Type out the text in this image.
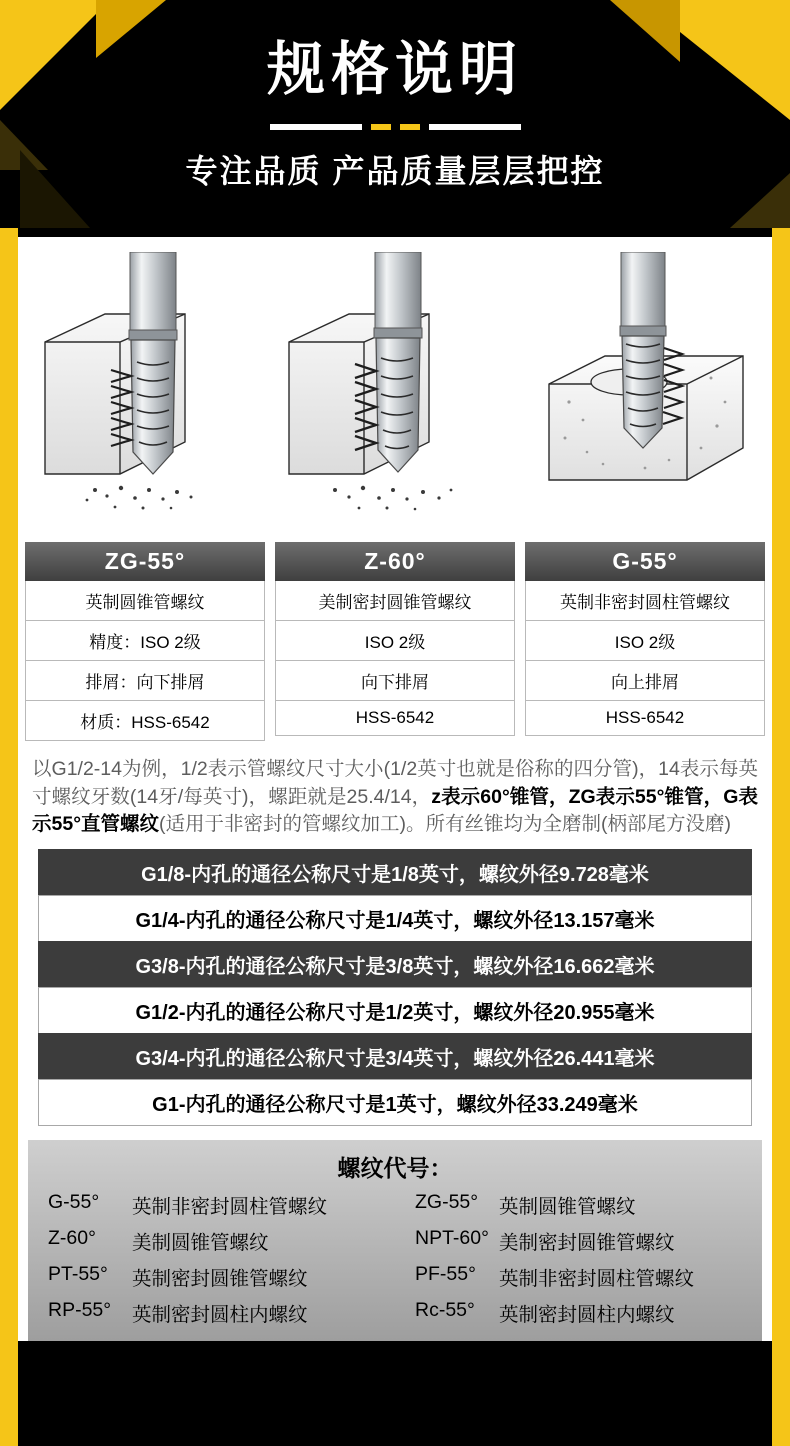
规格说明
专注品质 产品质量层层把控
ZG-55°
英制圆锥管螺纹
精度：ISO 2级
排屑：向下排屑
材质：HSS-6542
Z-60°
美制密封圆锥管螺纹
ISO 2级
向下排屑
HSS-6542
G-55°
英制非密封圆柱管螺纹
ISO 2级
向上排屑
HSS-6542
以G1/2-14为例，1/2表示管螺纹尺寸大小(1/2英寸也就是俗称的四分管)，14表示每英寸螺纹牙数(14牙/每英寸)，螺距就是25.4/14，z表示60°锥管，ZG表示55°锥管，G表示55°直管螺纹(适用于非密封的管螺纹加工)。所有丝锥均为全磨制(柄部尾方没磨)
G1/8-内孔的通径公称尺寸是1/8英寸，螺纹外径9.728毫米
G1/4-内孔的通径公称尺寸是1/4英寸，螺纹外径13.157毫米
G3/8-内孔的通径公称尺寸是3/8英寸，螺纹外径16.662毫米
G1/2-内孔的通径公称尺寸是1/2英寸，螺纹外径20.955毫米
G3/4-内孔的通径公称尺寸是3/4英寸，螺纹外径26.441毫米
G1-内孔的通径公称尺寸是1英寸，螺纹外径33.249毫米
螺纹代号：
G-55°	英制非密封圆柱管螺纹	ZG-55°	英制圆锥管螺纹
Z-60°	美制圆锥管螺纹	NPT-60° 美制密封圆锥管螺纹
PT-55°	英制密封圆锥管螺纹	PF-55°	英制非密封圆柱管螺纹
RP-55°	英制密封圆柱内螺纹	Rc-55°	英制密封圆柱内螺纹
